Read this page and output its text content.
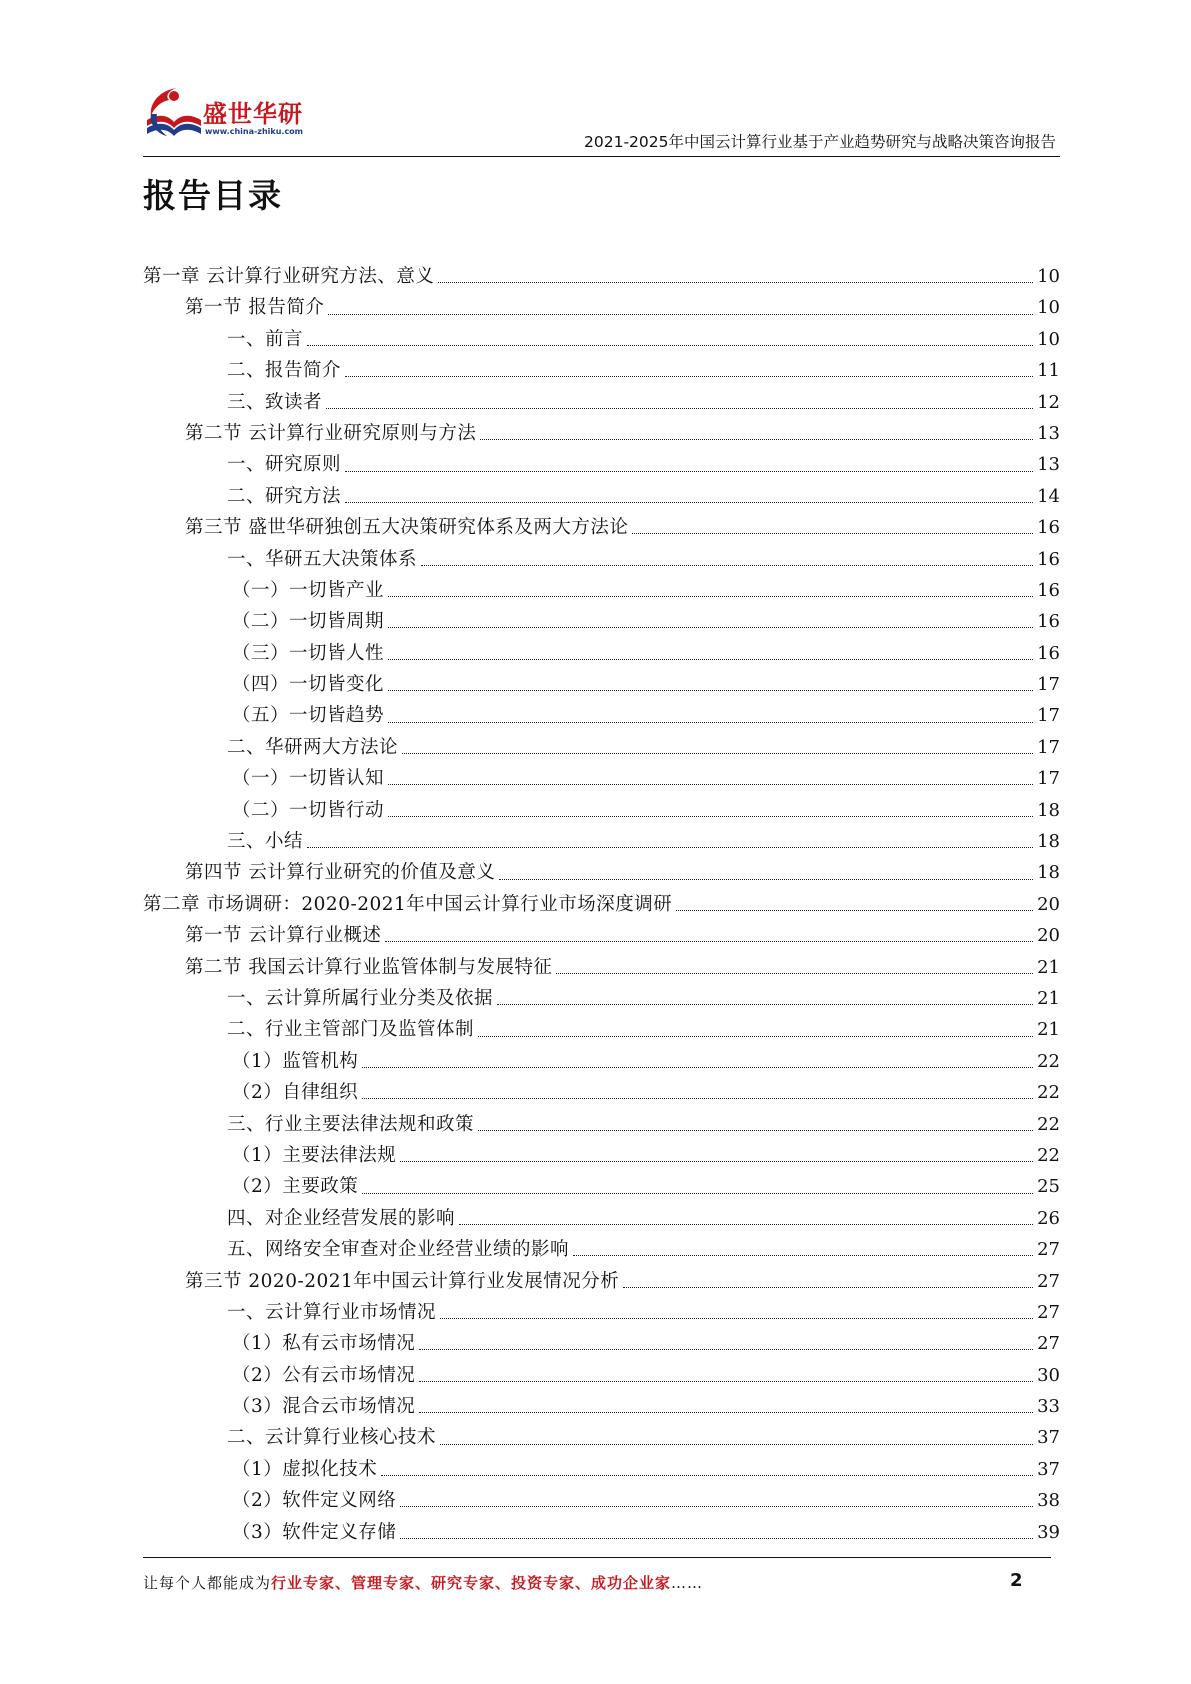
盛世华研
www.china-zhiku.com
2021-2025年中国云计算行业基于产业趋势研究与战略决策咨询报告
报告目录
第一章 云计算行业研究方法、意义	10
第一节 报告简介	10
一、前言	10
二、报告简介	11
三、致读者	12
第二节 云计算行业研究原则与方法	13
一、研究原则	13
二、研究方法	14
第三节 盛世华研独创五大决策研究体系及两大方法论	16
一、华研五大决策体系	16
（一）一切皆产业	16
（二）一切皆周期	16
（三）一切皆人性	16
（四）一切皆变化	17
（五）一切皆趋势	17
二、华研两大方法论	17
（一）一切皆认知	17
（二）一切皆行动	18
三、小结	18
第四节 云计算行业研究的价值及意义	18
第二章 市场调研：2020-2021年中国云计算行业市场深度调研	20
第一节 云计算行业概述	20
第二节 我国云计算行业监管体制与发展特征	21
一、云计算所属行业分类及依据	21
二、行业主管部门及监管体制	21
（1）监管机构	22
（2）自律组织	22
三、行业主要法律法规和政策	22
（1）主要法律法规	22
（2）主要政策	25
四、对企业经营发展的影响	26
五、网络安全审查对企业经营业绩的影响	27
第三节 2020-2021年中国云计算行业发展情况分析	27
一、云计算行业市场情况	27
（1）私有云市场情况	27
（2）公有云市场情况	30
（3）混合云市场情况	33
二、云计算行业核心技术	37
（1）虚拟化技术	37
（2）软件定义网络	38
（3）软件定义存储	39
让每个人都能成为行业专家、管理专家、研究专家、投资专家、成功企业家……	2
